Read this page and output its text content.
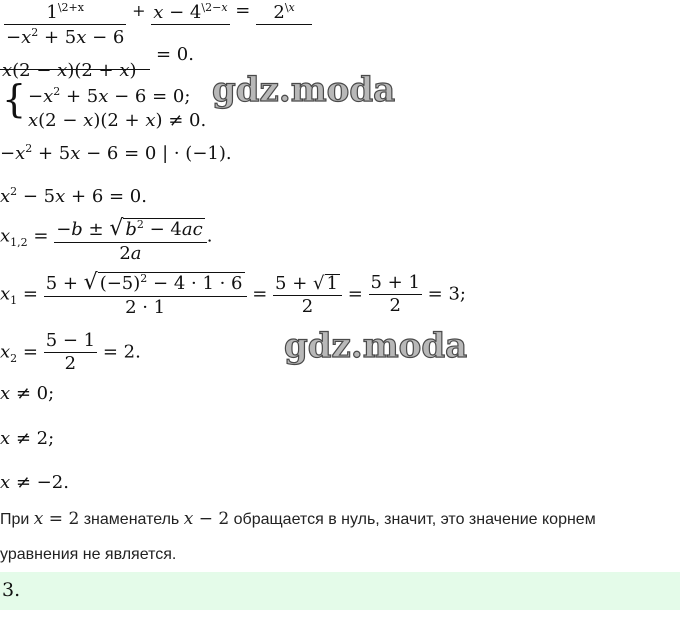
$\frac{1^{\backslash 2+x}}{-x^2 + 5x - 6} + x - 4^{\backslash 2-x}$
= $2^{\backslash x}$
x(2 − x)(2 + x)
= 0.
{ $-x^2 + 5x - 6 = 0$;
x(2 − x)(2 + x) ≠ 0.
gdz.moda
$-x^2 + 5x - 6 = 0$ | · (−1).
$x^2 - 5x + 6 = 0$.
$x_{1,2} = \frac{-b \pm √ b^2 - 4ac}{2a}$ .
$x_1 = \frac{5 + √ (-5)^2 - 4 \cdot 1 \cdot 6}{2 \cdot 1} = \frac{5 + √ 1}{2} = \frac{5 + 1}{2} = 3$;
gdz.moda
$x_2 = \frac{5 - 1}{2} = 2$.
x ≠ 0;
x ≠ 2;
x ≠ −2.
При x = 2 знаменатель x − 2 обращается в нуль, значит, это значение корнем
уравнения не является.
3.
